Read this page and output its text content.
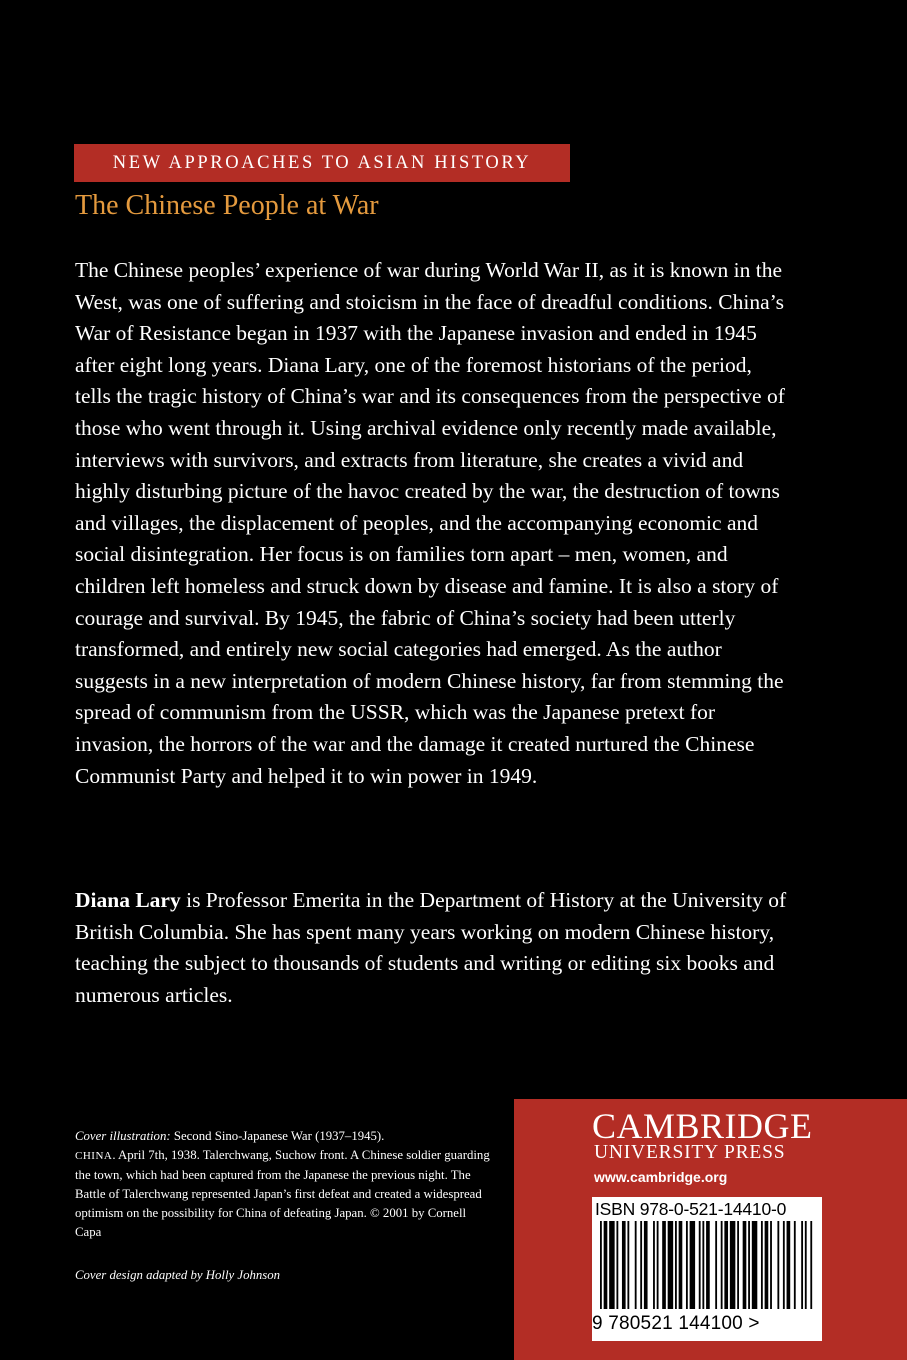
NEW APPROACHES TO ASIAN HISTORY
The Chinese People at War

The Chinese peoples’ experience of war during World War II, as it is known in the West, was one of suffering and stoicism in the face of dreadful conditions. China’s War of Resistance began in 1937 with the Japanese invasion and ended in 1945 after eight long years. Diana Lary, one of the foremost historians of the period, tells the tragic history of China’s war and its consequences from the perspective of those who went through it. Using archival evidence only recently made available, interviews with survivors, and extracts from literature, she creates a vivid and highly disturbing picture of the havoc created by the war, the destruction of towns and villages, the displacement of peoples, and the accompanying economic and social disintegration. Her focus is on families torn apart – men, women, and children left homeless and struck down by disease and famine. It is also a story of courage and survival. By 1945, the fabric of China’s society had been utterly transformed, and entirely new social categories had emerged. As the author suggests in a new interpretation of modern Chinese history, far from stemming the spread of communism from the USSR, which was the Japanese pretext for invasion, the horrors of the war and the damage it created nurtured the Chinese Communist Party and helped it to win power in 1949.

Diana Lary is Professor Emerita in the Department of History at the University of British Columbia. She has spent many years working on modern Chinese history, teaching the subject to thousands of students and writing or editing six books and numerous articles.

Cover illustration: Second Sino-Japanese War (1937–1945).
CHINA. April 7th, 1938. Talerchwang, Suchow front. A Chinese soldier guarding the town, which had been captured from the Japanese the previous night. The Battle of Talerchwang represented Japan’s first defeat and created a widespread optimism on the possibility for China of defeating Japan. © 2001 by Cornell Capa

Cover design adapted by Holly Johnson
CAMBRIDGE
UNIVERSITY PRESS
www.cambridge.org
ISBN 978-0-521-14410-0
9 780521 144100 >
